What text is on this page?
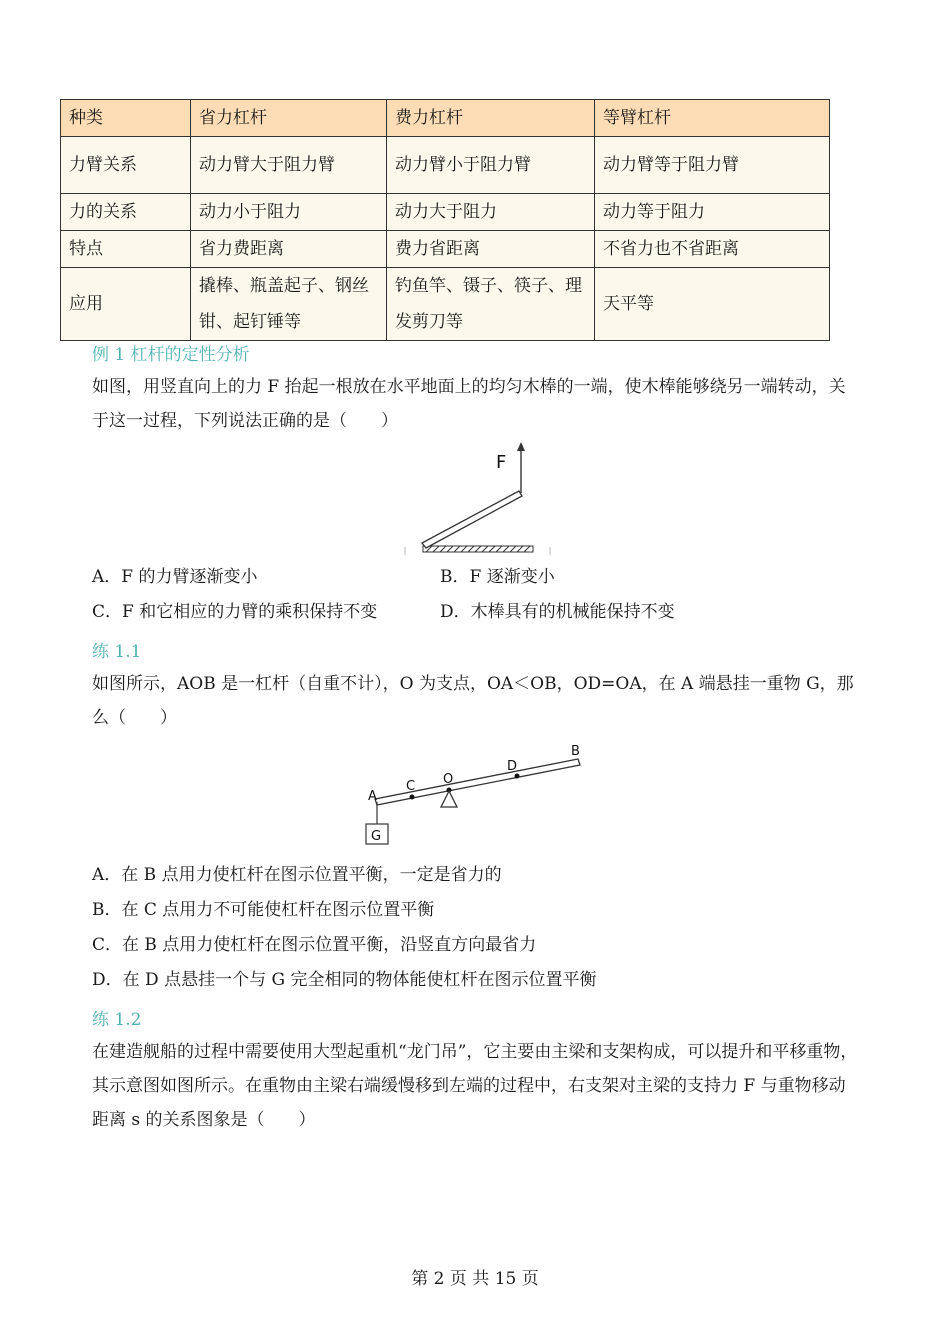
种类	省力杠杆	费力杠杆	等臂杠杆
力臂关系	动力臂大于阻力臂	动力臂小于阻力臂	动力臂等于阻力臂
力的关系	动力小于阻力	动力大于阻力	动力等于阻力
特点	省力费距离	费力省距离	不省力也不省距离
应用	撬棒、瓶盖起子、钢丝钳、起钉锤等	钓鱼竿、镊子、筷子、理发剪刀等	天平等
例 1 杠杆的定性分析
如图，用竖直向上的力 F 抬起一根放在水平地面上的均匀木棒的一端，使木棒能够绕另一端转动，关于这一过程，下列说法正确的是（　　）
F
A．F 的力臂逐渐变小	B．F 逐渐变小
C．F 和它相应的力臂的乘积保持不变	D．木棒具有的机械能保持不变
练 1.1
如图所示，AOB 是一杠杆（自重不计），O 为支点，OA＜OB，OD=OA，在 A 端悬挂一重物 G，那么（　　）
G
A
C O
D
B
A．在 B 点用力使杠杆在图示位置平衡，一定是省力的
B．在 C 点用力不可能使杠杆在图示位置平衡
C．在 B 点用力使杠杆在图示位置平衡，沿竖直方向最省力
D．在 D 点悬挂一个与 G 完全相同的物体能使杠杆在图示位置平衡
练 1.2
在建造舰船的过程中需要使用大型起重机“龙门吊”，它主要由主梁和支架构成，可以提升和平移重物，其示意图如图所示。在重物由主梁右端缓慢移到左端的过程中，右支架对主梁的支持力 F 与重物移动距离 s 的关系图象是（　　）
第 2 页 共 15 页
